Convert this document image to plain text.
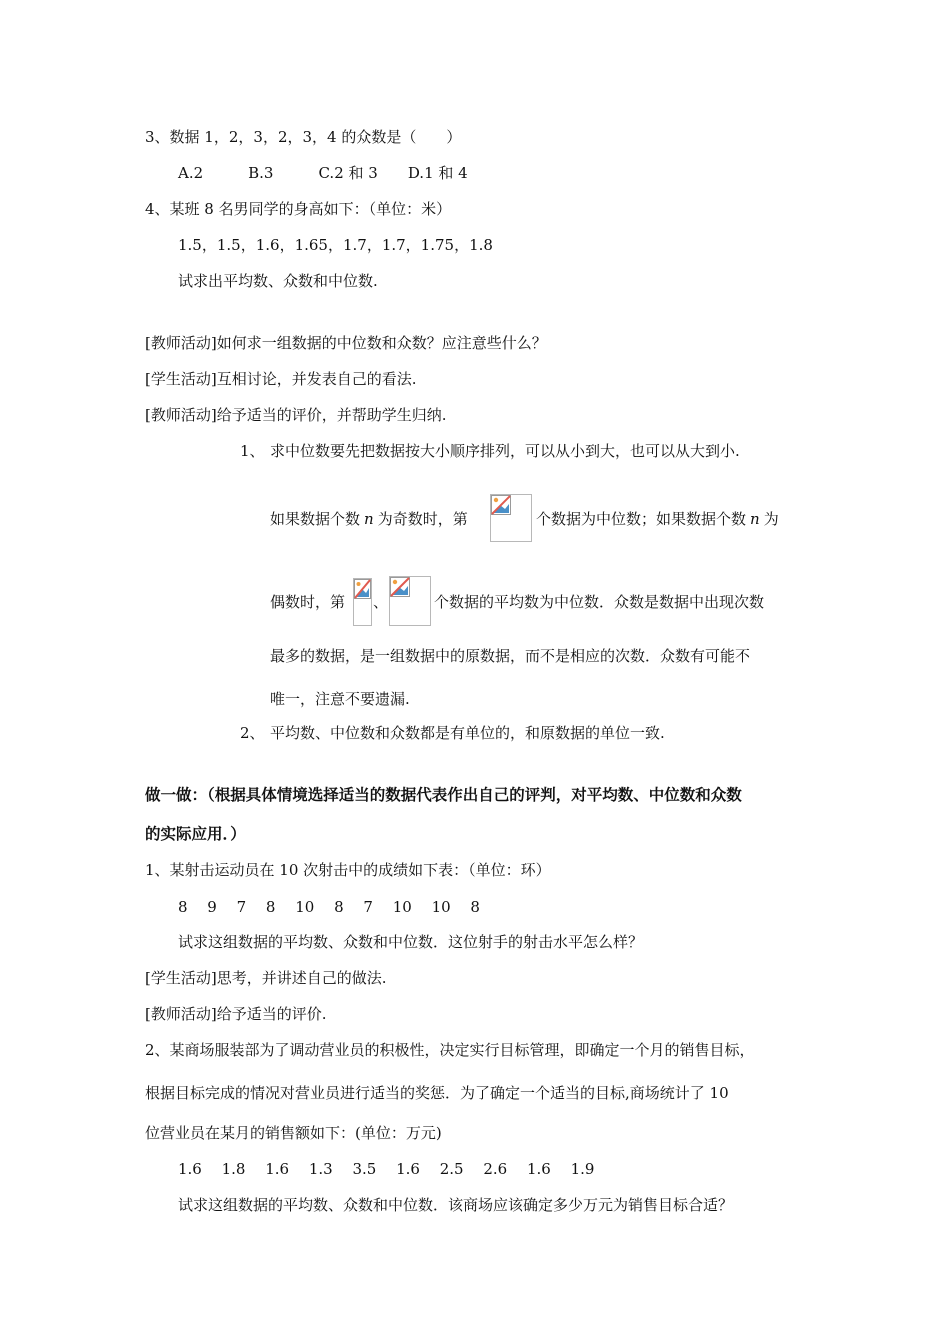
3、数据 1，2，3，2，3，4 的众数是（　　）
A.2　　　B.3　　　C.2 和 3　　D.1 和 4
4、某班 8 名男同学的身高如下：（单位：米）
1.5，1.5，1.6，1.65，1.7，1.7，1.75，1.8
试求出平均数、众数和中位数.
[教师活动]如何求一组数据的中位数和众数？应注意些什么？
[学生活动]互相讨论，并发表自己的看法.
[教师活动]给予适当的评价，并帮助学生归纳.
1、 求中位数要先把数据按大小顺序排列，可以从小到大，也可以从大到小.
如果数据个数 n 为奇数时，第	个数据为中位数；如果数据个数 n 为
偶数时，第 、	个数据的平均数为中位数．众数是数据中出现次数
最多的数据，是一组数据中的原数据，而不是相应的次数．众数有可能不
唯一，注意不要遗漏.
2、 平均数、中位数和众数都是有单位的，和原数据的单位一致.
做一做：（根据具体情境选择适当的数据代表作出自己的评判，对平均数、中位数和众数
的实际应用．）
1、某射击运动员在 10 次射击中的成绩如下表：（单位：环）
8　 9　 7　 8　 10　 8　 7　 10　 10　 8
试求这组数据的平均数、众数和中位数．这位射手的射击水平怎么样？
[学生活动]思考，并讲述自己的做法.
[教师活动]给予适当的评价.
2、某商场服装部为了调动营业员的积极性，决定实行目标管理，即确定一个月的销售目标，
根据目标完成的情况对营业员进行适当的奖惩．为了确定一个适当的目标,商场统计了 10
位营业员在某月的销售额如下：(单位：万元)
1.6　 1.8　 1.6　 1.3　 3.5　 1.6　 2.5　 2.6　 1.6　 1.9
试求这组数据的平均数、众数和中位数．该商场应该确定多少万元为销售目标合适？
